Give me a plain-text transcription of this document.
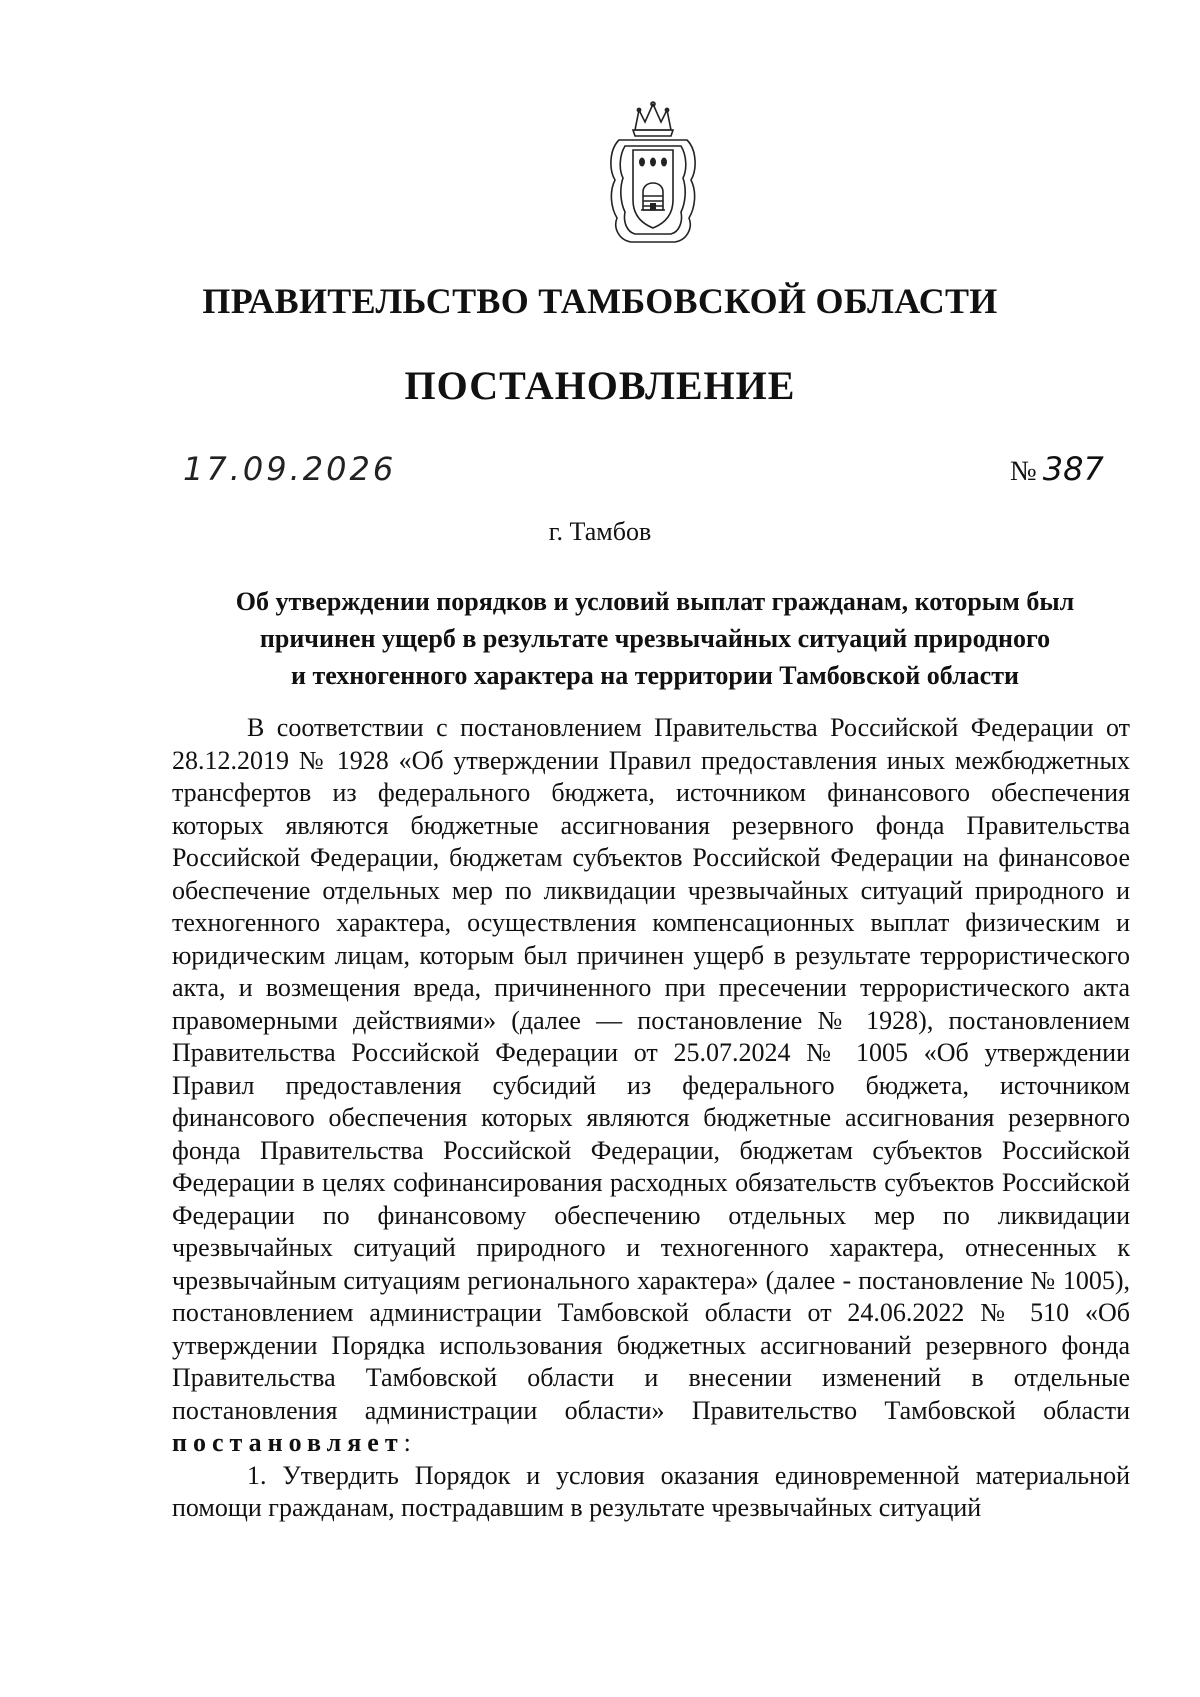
ПРАВИТЕЛЬСТВО ТАМБОВСКОЙ ОБЛАСТИ
ПОСТАНОВЛЕНИЕ
17.09.2026	№ 387
г. Тамбов
Об утверждении порядков и условий выплат гражданам, которым был
причинен ущерб в результате чрезвычайных ситуаций природного
и техногенного характера на территории Тамбовской области

В соответствии с постановлением Правительства Российской Федерации от 28.12.2019 № 1928 «Об утверждении Правил предоставления иных межбюджетных трансфертов из федерального бюджета, источником финансового обеспечения которых являются бюджетные ассигнования резервного фонда Правительства Российской Федерации, бюджетам субъектов Российской Федерации на финансовое обеспечение отдельных мер по ликвидации чрезвычайных ситуаций природного и техногенного характера, осуществления компенсационных выплат физическим и юридическим лицам, которым был причинен ущерб в результате террористического акта, и возмещения вреда, причиненного при пресечении террористического акта правомерными действиями» (далее — постановление № 1928), постановлением Правительства Российской Федерации от 25.07.2024 № 1005 «Об утверждении Правил предоставления субсидий из федерального бюджета, источником финансового обеспечения которых являются бюджетные ассигнования резервного фонда Правительства Российской Федерации, бюджетам субъектов Российской Федерации в целях софинансирования расходных обязательств субъектов Российской Федерации по финансовому обеспечению отдельных мер по ликвидации чрезвычайных ситуаций природного и техногенного характера, отнесенных к чрезвычайным ситуациям регионального характера» (далее - постановление № 1005), постановлением администрации Тамбовской области от 24.06.2022 № 510 «Об утверждении Порядка использования бюджетных ассигнований резервного фонда Правительства Тамбовской области и внесении изменений в отдельные постановления администрации области» Правительство Тамбовской области постановляет:

1. Утвердить Порядок и условия оказания единовременной материальной помощи гражданам, пострадавшим в результате чрезвычайных ситуаций
